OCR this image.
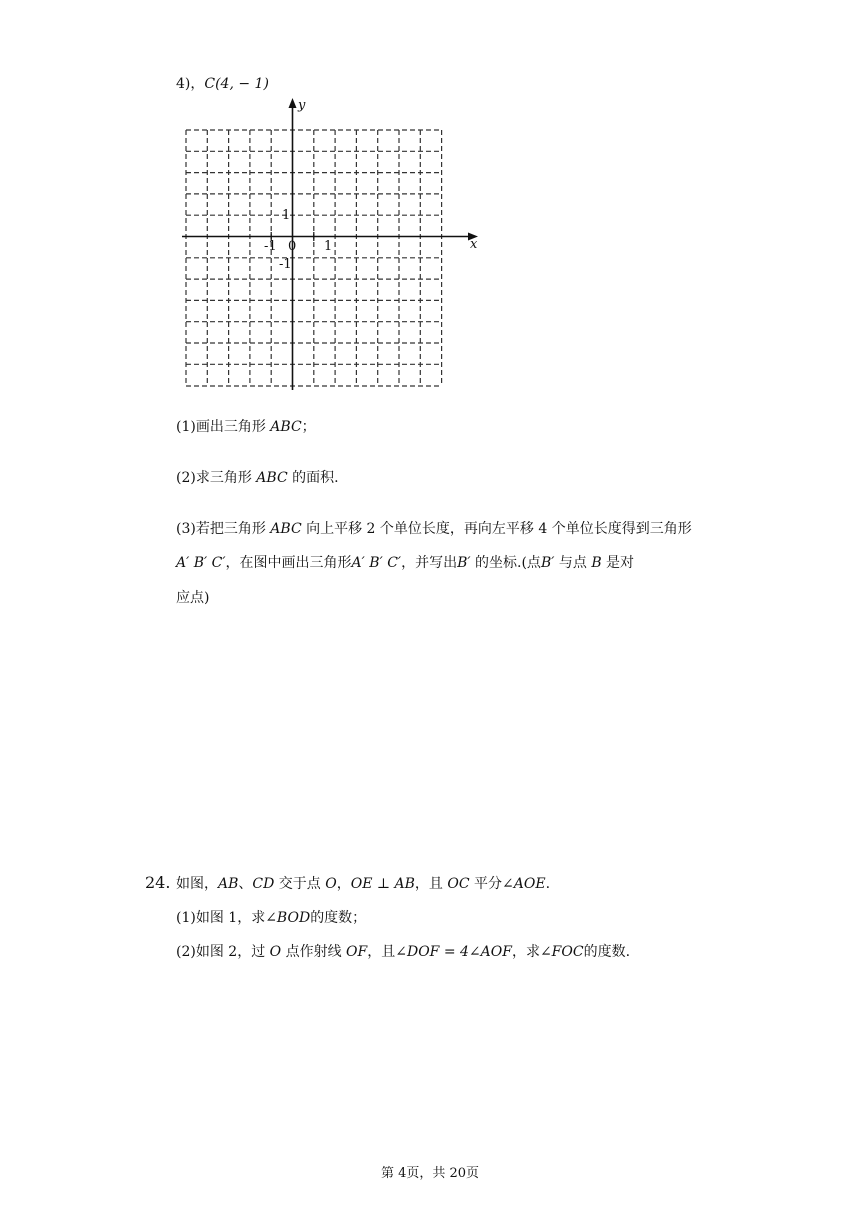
4)，C(4, − 1)
x
y
-1 0 1
1
-1
(1)画出三角形 ABC；
(2)求三角形 ABC 的面积.
(3)若把三角形 ABC 向上平移 2 个单位长度，再向左平移 4 个单位长度得到三角形
A′ B′ C′，在图中画出三角形A′ B′ C′，并写出B′ 的坐标.(点B′ 与点 B 是对
应点)
24. 如图，AB、CD 交于点 O，OE ⊥ AB，且 OC 平分∠AOE.
(1)如图 1，求∠BOD的度数；
(2)如图 2，过 O 点作射线 OF，且∠DOF = 4∠AOF，求∠FOC的度数.
第 4页，共 20页
